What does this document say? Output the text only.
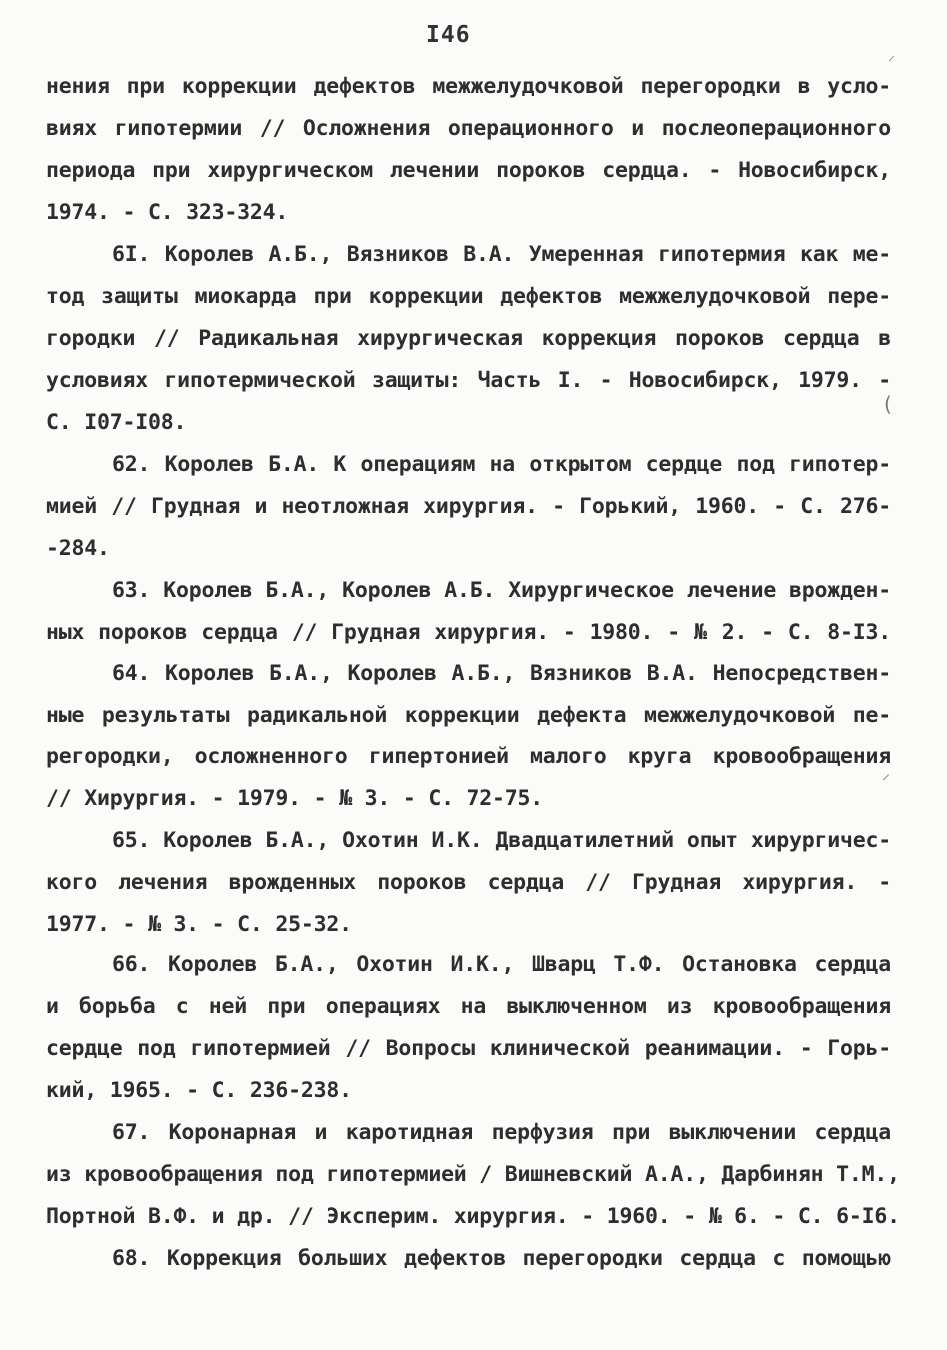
I46
нения при коррекции дефектов межжелудочковой перегородки в усло-
виях гипотермии // Осложнения операционного и послеоперационного
периода при хирургическом лечении пороков сердца. - Новосибирск,
1974. - С. 323-324.
6I. Королев А.Б., Вязников В.А. Умеренная гипотермия как ме-
тод защиты миокарда при коррекции дефектов межжелудочковой пере-
городки // Радикальная хирургическая коррекция пороков сердца в
условиях гипотермической защиты: Часть I. - Новосибирск, 1979. -
С. I07-I08.
62. Королев Б.А. К операциям на открытом сердце под гипотер-
мией // Грудная и неотложная хирургия. - Горький, 1960. - С. 276-
-284.
63. Королев Б.А., Королев А.Б. Хирургическое лечение врожден-
ных пороков сердца // Грудная хирургия. - 1980. - № 2. - С. 8-I3.
64. Королев Б.А., Королев А.Б., Вязников В.А. Непосредствен-
ные результаты радикальной коррекции дефекта межжелудочковой пе-
регородки, осложненного гипертонией малого круга кровообращения
// Хирургия. - 1979. - № 3. - С. 72-75.
65. Королев Б.А., Охотин И.К. Двадцатилетний опыт хирургичес-
кого лечения врожденных пороков сердца // Грудная хирургия. -
1977. - № 3. - С. 25-32.
66. Королев Б.А., Охотин И.К., Шварц Т.Ф. Остановка сердца
и борьба с ней при операциях на выключенном из кровообращения
сердце под гипотермией // Вопросы клинической реанимации. - Горь-
кий, 1965. - С. 236-238.
67. Коронарная и каротидная перфузия при выключении сердца
из кровообращения под гипотермией / Вишневский А.А., Дарбинян Т.М.,
Портной В.Ф. и др. // Эксперим. хирургия. - 1960. - № 6. - С. 6-I6.
68. Коррекция больших дефектов перегородки сердца с помощью
⸍
(
⸝
